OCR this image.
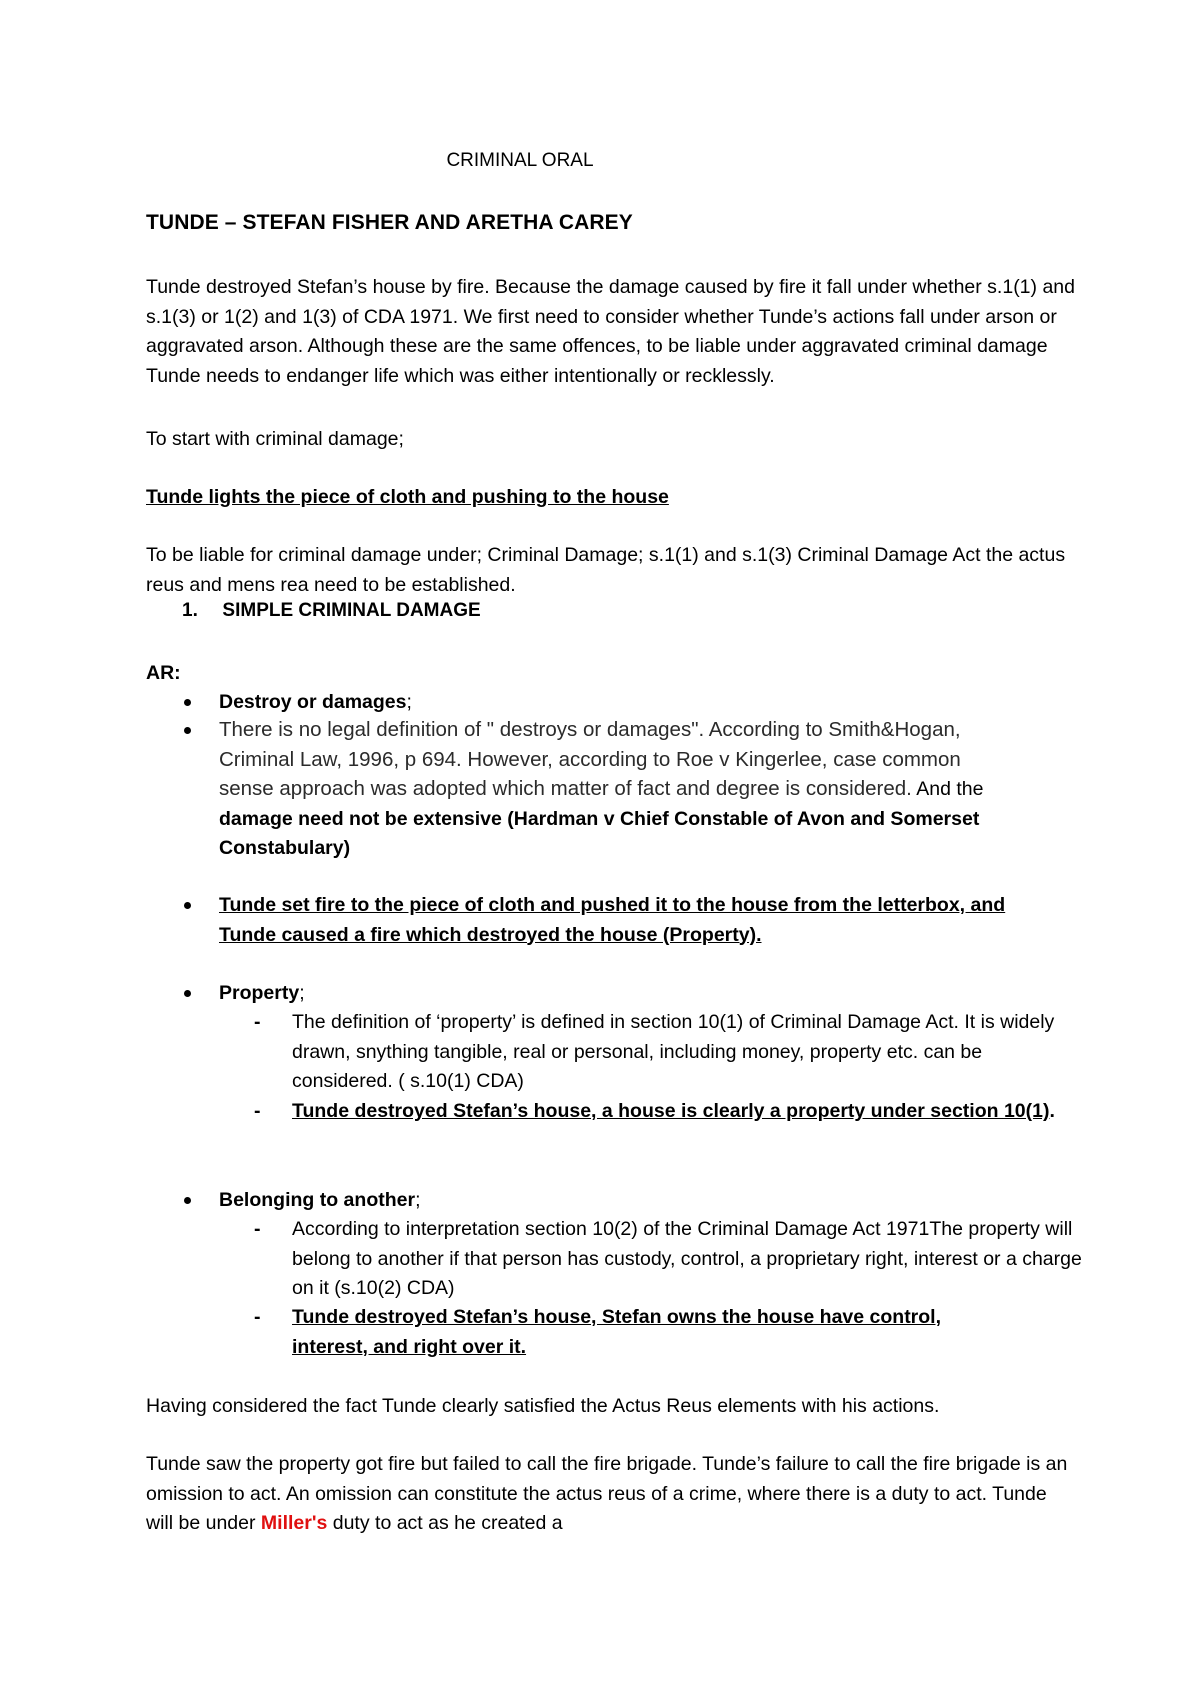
CRIMINAL ORAL
TUNDE – STEFAN FISHER AND ARETHA CAREY

Tunde destroyed Stefan’s house by fire. Because the damage caused by fire it fall under whether s.1(1) and s.1(3) or 1(2) and 1(3) of CDA 1971. We first need to consider whether Tunde’s actions fall under arson or aggravated arson. Although these are the same offences, to be liable under aggravated criminal damage Tunde needs to endanger life which was either intentionally or recklessly.

To start with criminal damage;

Tunde lights the piece of cloth and pushing to the house

To be liable for criminal damage under; Criminal Damage; s.1(1) and s.1(3) Criminal Damage Act the actus reus and mens rea need to be established.

1. SIMPLE CRIMINAL DAMAGE

AR:

Destroy or damages;
There is no legal definition of " destroys or damages". According to Smith&Hogan, Criminal Law, 1996, p 694. However, according to Roe v Kingerlee, case common sense approach was adopted which matter of fact and degree is considered. And the damage need not be extensive (Hardman v Chief Constable of Avon and Somerset Constabulary)
Tunde set fire to the piece of cloth and pushed it to the house from the letterbox, and Tunde caused a fire which destroyed the house (Property).
Property;
- The definition of ‘property’ is defined in section 10(1) of Criminal Damage Act. It is widely drawn, snything tangible, real or personal, including money, property etc. can be considered. ( s.10(1) CDA)
- Tunde destroyed Stefan’s house, a house is clearly a property under section 10(1).
Belonging to another;
- According to interpretation section 10(2) of the Criminal Damage Act 1971The property will belong to another if that person has custody, control, a proprietary right, interest or a charge on it (s.10(2) CDA)
- Tunde destroyed Stefan’s house, Stefan owns the house have control, interest, and right over it.

Having considered the fact Tunde clearly satisfied the Actus Reus elements with his actions.

Tunde saw the property got fire but failed to call the fire brigade. Tunde’s failure to call the fire brigade is an omission to act. An omission can constitute the actus reus of a crime, where there is a duty to act. Tunde will be under Miller's duty to act as he created a
